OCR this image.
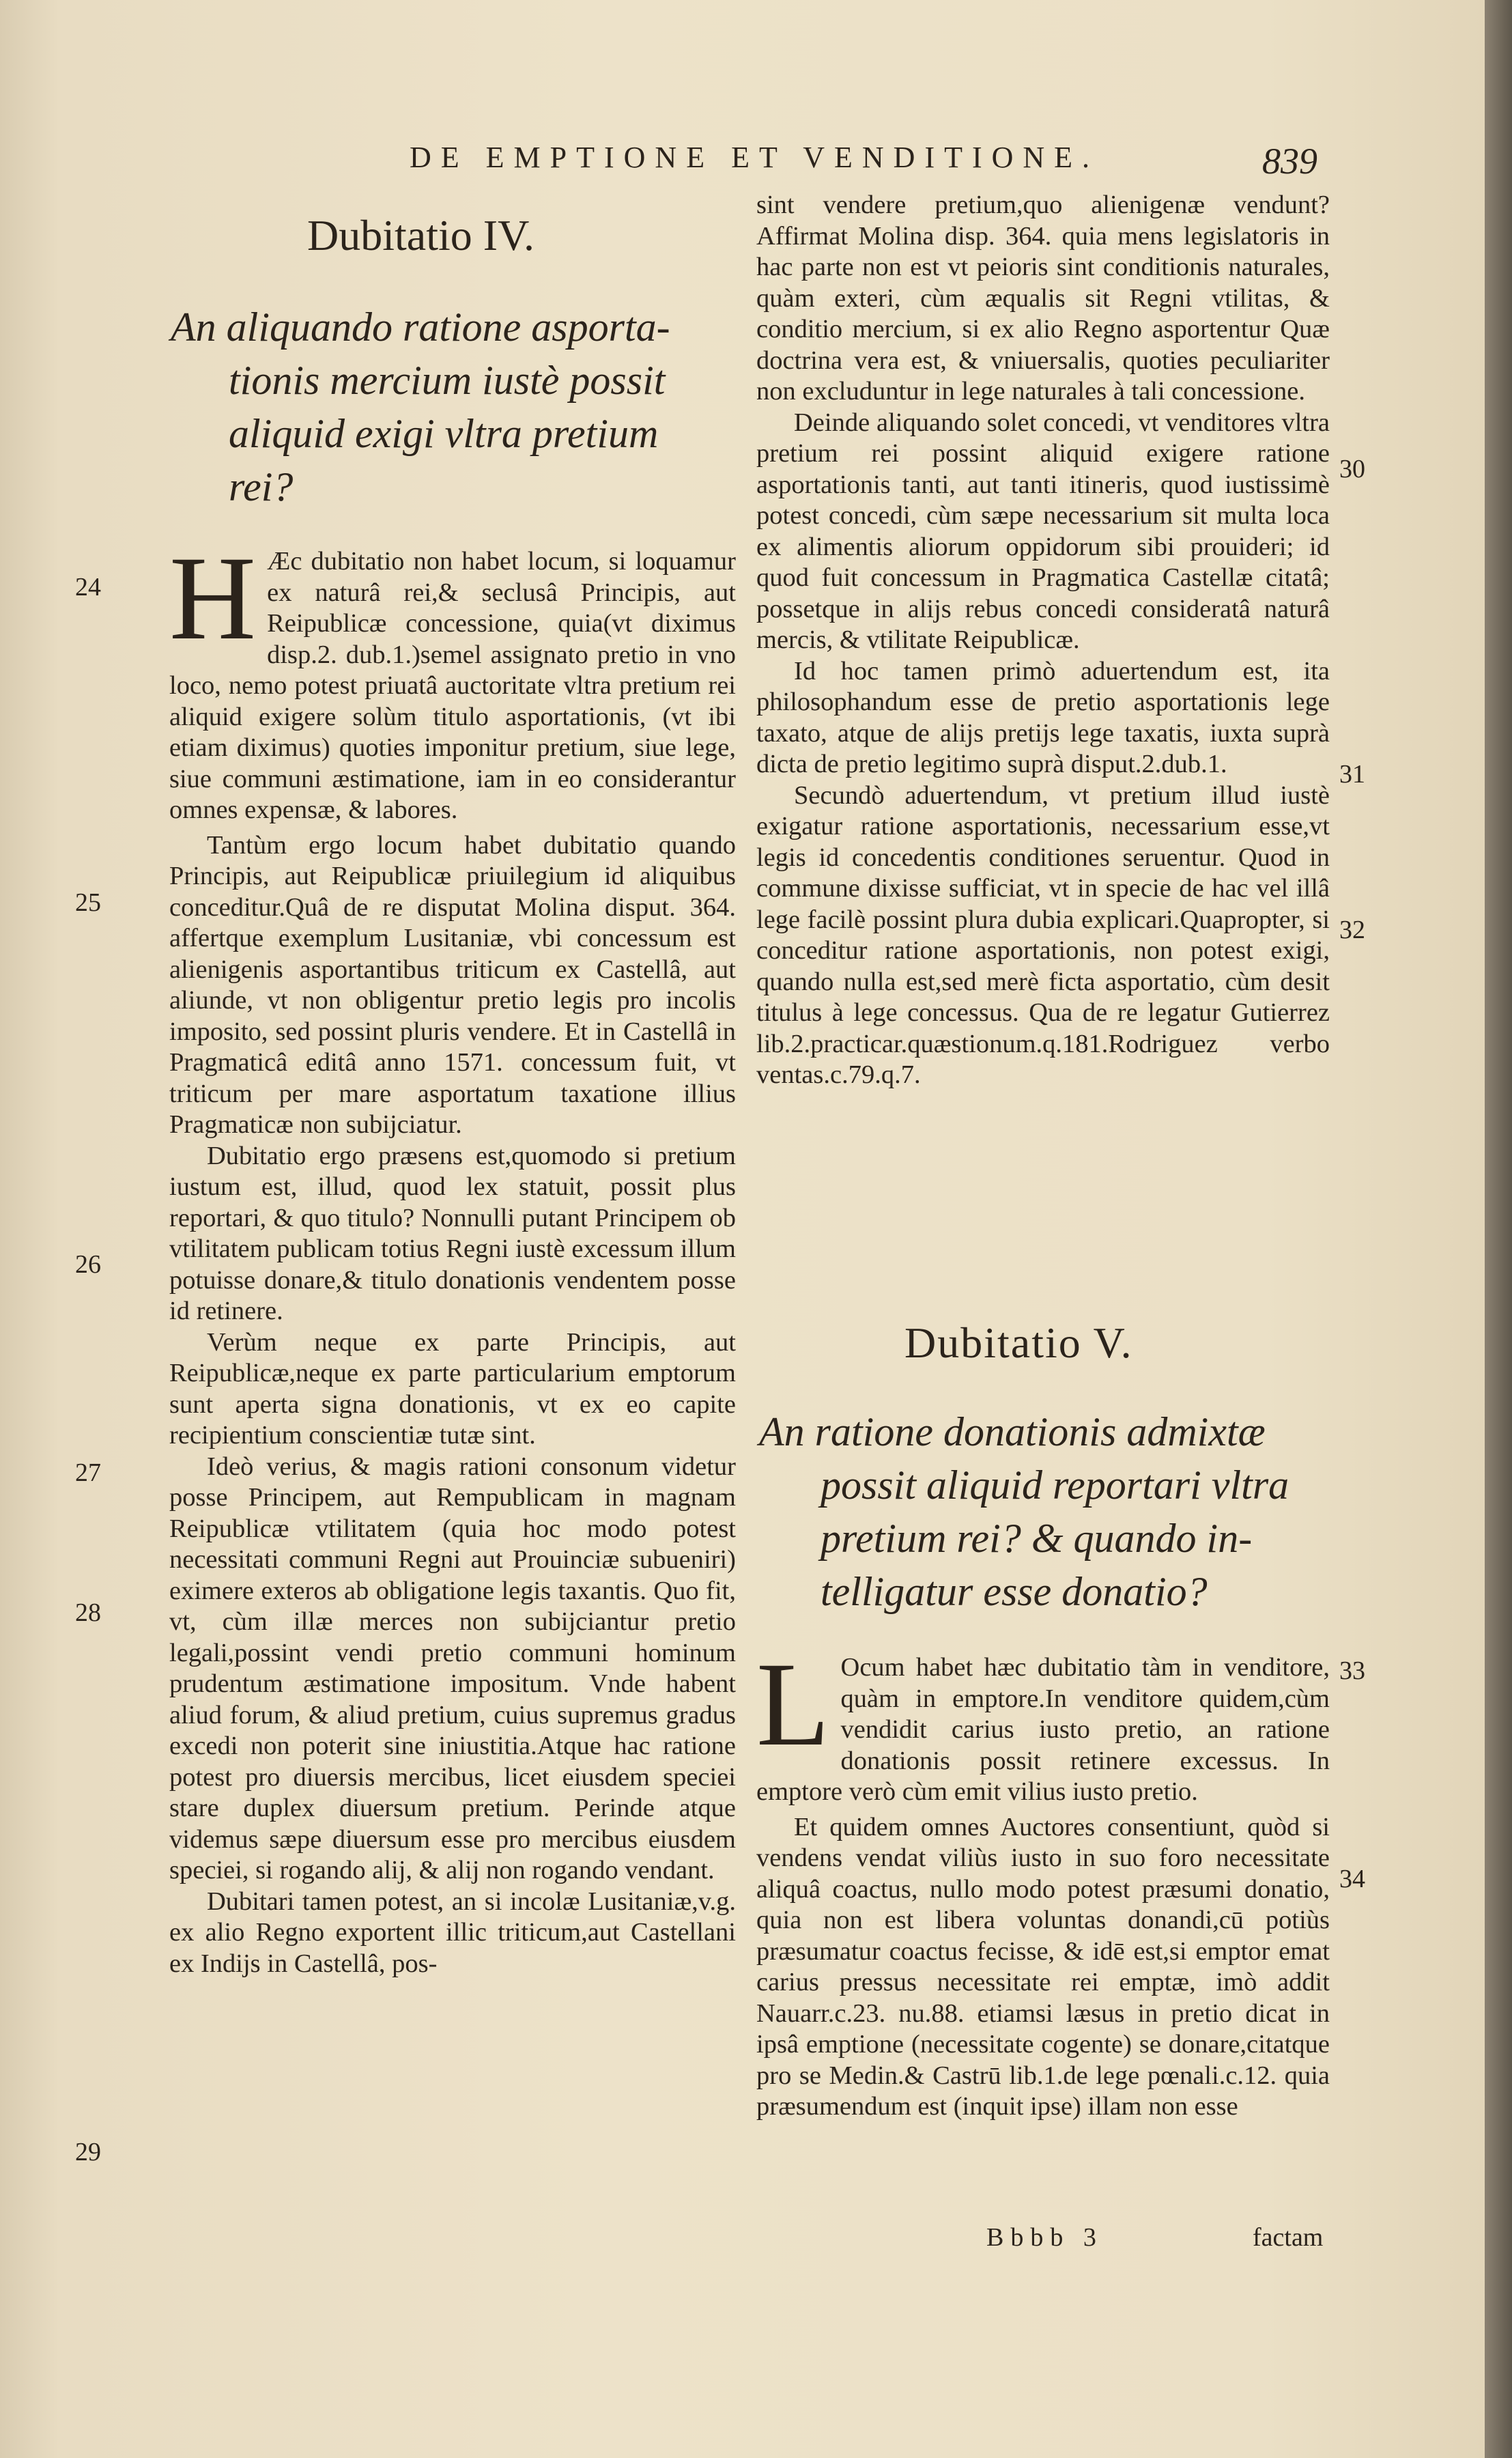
DE EMPTIONE ET VENDITIONE.	839
Dubitatio IV.
An aliquando ratione asporta-
tionis mercium iustè possit
aliquid exigi vltra pretium
rei?

H Æc dubitatio non habet locum, si loquamur ex naturâ rei,& seclusâ Principis, aut Reipublicæ concessione, quia(vt diximus disp.2. dub.1.)semel assignato pretio in vno loco, nemo potest priuatâ auctoritate vltra pretium rei aliquid exigere solùm titulo asportationis, (vt ibi etiam diximus) quoties imponitur pretium, siue lege, siue communi æstimatione, iam in eo considerantur omnes expensæ, & labores.

Tantùm ergo locum habet dubitatio quando Principis, aut Reipublicæ priuilegium id aliquibus conceditur.Quâ de re disputat Molina disput. 364. affertque exemplum Lusitaniæ, vbi concessum est alienigenis asportantibus triticum ex Castellâ, aut aliunde, vt non obligentur pretio legis pro incolis imposito, sed possint pluris vendere. Et in Castellâ in Pragmaticâ editâ anno 1571. concessum fuit, vt triticum per mare asportatum taxatione illius Pragmaticæ non subijciatur.

Dubitatio ergo præsens est,quomodo si pretium iustum est, illud, quod lex statuit, possit plus reportari, & quo titulo? Nonnulli putant Principem ob vtilitatem publicam totius Regni iustè excessum illum potuisse donare,& titulo donationis vendentem posse id retinere.

Verùm neque ex parte Principis, aut Reipublicæ,neque ex parte particularium emptorum sunt aperta signa donationis, vt ex eo capite recipientium conscientiæ tutæ sint.

Ideò verius, & magis rationi consonum videtur posse Principem, aut Rempublicam in magnam Reipublicæ vtilitatem (quia hoc modo potest necessitati communi Regni aut Prouinciæ subueniri) eximere exteros ab obligatione legis taxantis. Quo fit, vt, cùm illæ merces non subijciantur pretio legali,possint vendi pretio communi hominum prudentum æstimatione impositum. Vnde habent aliud forum, & aliud pretium, cuius supremus gradus excedi non poterit sine iniustitia.Atque hac ratione potest pro diuersis mercibus, licet eiusdem speciei stare duplex diuersum pretium. Perinde atque videmus sæpe diuersum esse pro mercibus eiusdem speciei, si rogando alij, & alij non rogando vendant.

Dubitari tamen potest, an si incolæ Lusitaniæ,v.g. ex alio Regno exportent illic triticum,aut Castellani ex Indijs in Castellâ, pos-

24
25
26
27
28
29

sint vendere pretium,quo alienigenæ vendunt? Affirmat Molina disp. 364. quia mens legislatoris in hac parte non est vt peioris sint conditionis naturales, quàm exteri, cùm æqualis sit Regni vtilitas, & conditio mercium, si ex alio Regno asportentur Quæ doctrina vera est, & vniuersalis, quoties peculiariter non excluduntur in lege naturales à tali concessione.

Deinde aliquando solet concedi, vt venditores vltra pretium rei possint aliquid exigere ratione asportationis tanti, aut tanti itineris, quod iustissimè potest concedi, cùm sæpe necessarium sit multa loca ex alimentis aliorum oppidorum sibi prouideri; id quod fuit concessum in Pragmatica Castellæ citatâ; possetque in alijs rebus concedi consideratâ naturâ mercis, & vtilitate Reipublicæ.

Id hoc tamen primò aduertendum est, ita philosophandum esse de pretio asportationis lege taxato, atque de alijs pretijs lege taxatis, iuxta suprà dicta de pretio legitimo suprà disput.2.dub.1.

Secundò aduertendum, vt pretium illud iustè exigatur ratione asportationis, necessarium esse,vt legis id concedentis conditiones seruentur. Quod in commune dixisse sufficiat, vt in specie de hac vel illâ lege facilè possint plura dubia explicari.Quapropter, si conceditur ratione asportationis, non potest exigi, quando nulla est,sed merè ficta asportatio, cùm desit titulus à lege concessus. Qua de re legatur Gutierrez lib.2.practicar.quæstionum.q.181.Rodriguez verbo ventas.c.79.q.7.

30
31
32
Dubitatio V.
An ratione donationis admixtæ
possit aliquid reportari vltra
pretium rei? & quando in-
telligatur esse donatio?

L Ocum habet hæc dubitatio tàm in venditore, quàm in emptore.In venditore quidem,cùm vendidit carius iusto pretio, an ratione donationis possit retinere excessus. In emptore verò cùm emit vilius iusto pretio.

Et quidem omnes Auctores consentiunt, quòd si vendens vendat viliùs iusto in suo foro necessitate aliquâ coactus, nullo modo potest præsumi donatio, quia non est libera voluntas donandi,cū potiùs præsumatur coactus fecisse, & idē est,si emptor emat carius pressus necessitate rei emptæ, imò addit Nauarr.c.23. nu.88. etiamsi læsus in pretio dicat in ipsâ emptione (necessitate cogente) se donare,citatque pro se Medin.& Castrū lib.1.de lege pœnali.c.12. quia præsumendum est (inquit ipse) illam non esse

33
34
Bbbb 3	factam
